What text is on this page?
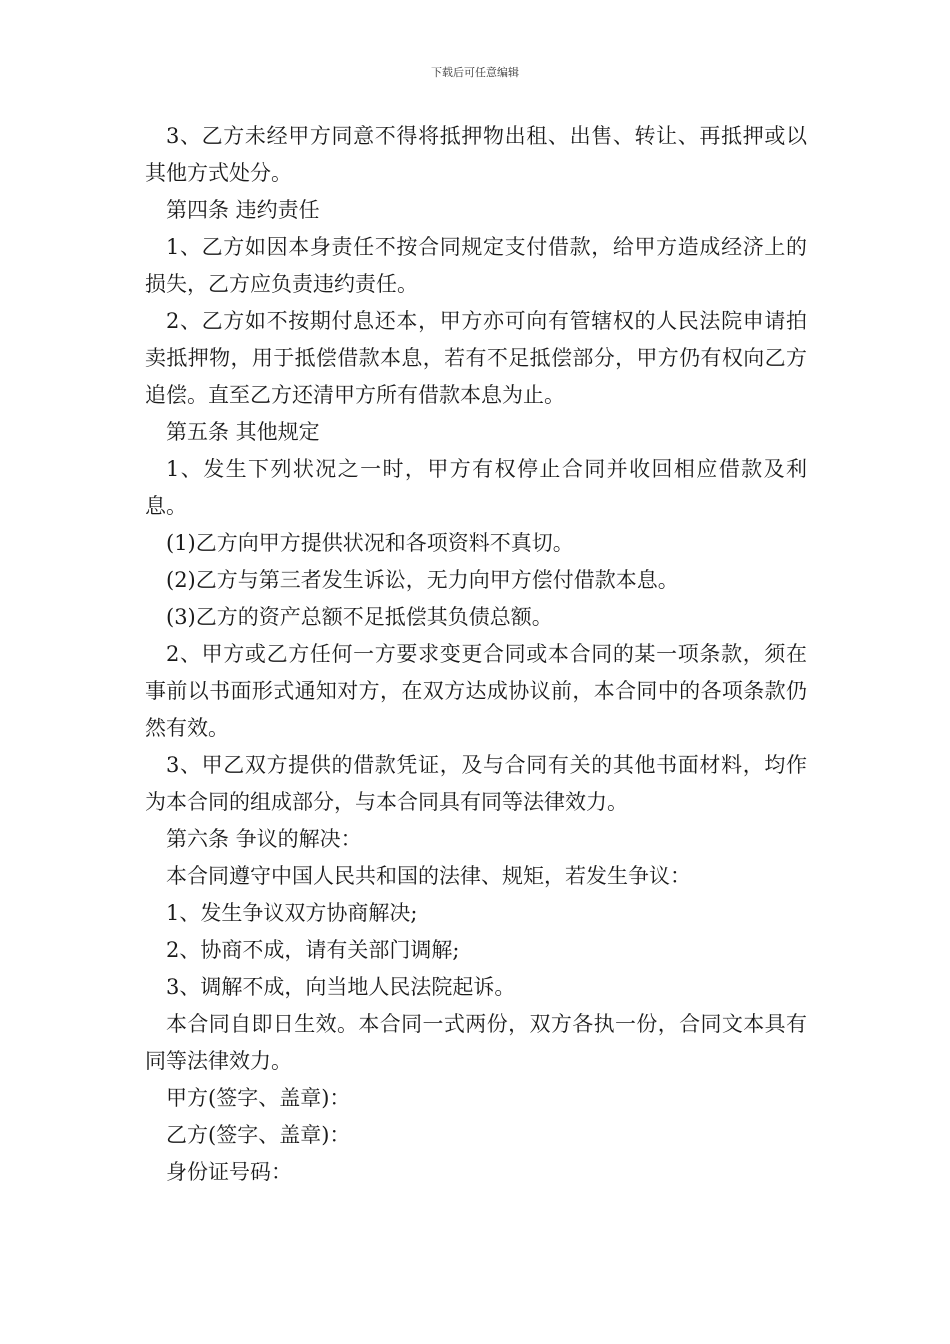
下载后可任意编辑

3、乙方未经甲方同意不得将抵押物出租、出售、转让、再抵押或以其他方式处分。

第四条 违约责任

1、乙方如因本身责任不按合同规定支付借款，给甲方造成经济上的损失，乙方应负责违约责任。

2、乙方如不按期付息还本，甲方亦可向有管辖权的人民法院申请拍卖抵押物，用于抵偿借款本息，若有不足抵偿部分，甲方仍有权向乙方追偿。直至乙方还清甲方所有借款本息为止。

第五条 其他规定

1、发生下列状况之一时，甲方有权停止合同并收回相应借款及利息。

(1)乙方向甲方提供状况和各项资料不真切。

(2)乙方与第三者发生诉讼，无力向甲方偿付借款本息。

(3)乙方的资产总额不足抵偿其负债总额。

2、甲方或乙方任何一方要求变更合同或本合同的某一项条款，须在事前以书面形式通知对方，在双方达成协议前，本合同中的各项条款仍然有效。

3、甲乙双方提供的借款凭证，及与合同有关的其他书面材料，均作为本合同的组成部分，与本合同具有同等法律效力。

第六条 争议的解决：

本合同遵守中国人民共和国的法律、规矩，若发生争议：

1、发生争议双方协商解决;

2、协商不成，请有关部门调解;

3、调解不成，向当地人民法院起诉。

本合同自即日生效。本合同一式两份，双方各执一份，合同文本具有同等法律效力。

甲方(签字、盖章)：

乙方(签字、盖章)：

身份证号码：
